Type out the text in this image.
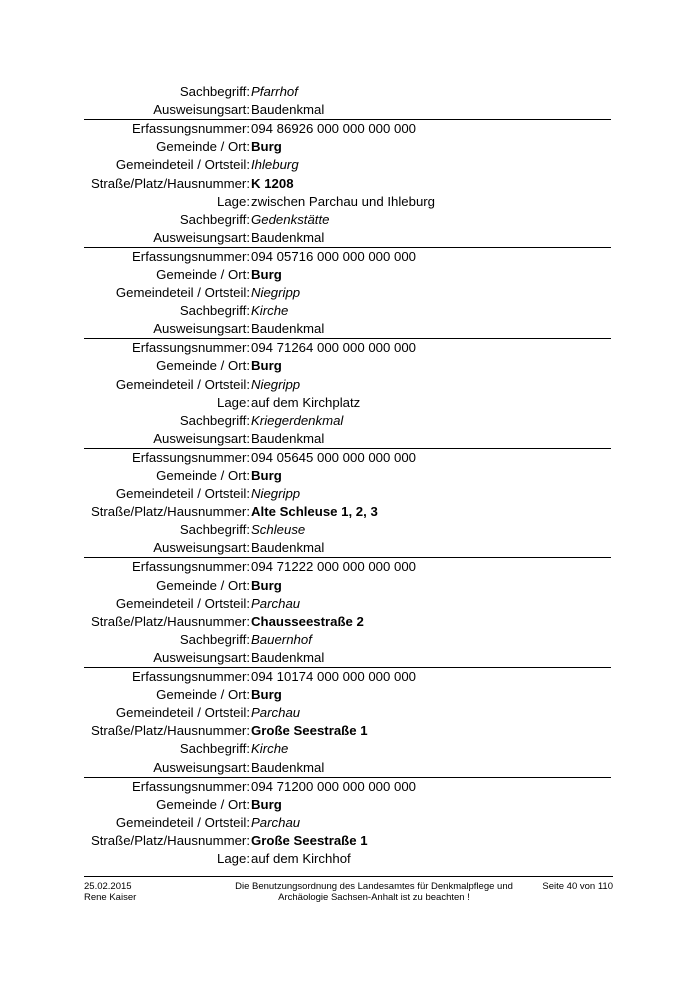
Sachbegriff: Pfarrhof
Ausweisungsart: Baudenkmal
Erfassungsnummer: 094 86926 000 000 000 000
Gemeinde / Ort: Burg
Gemeindeteil / Ortsteil: Ihleburg
Straße/Platz/Hausnummer: K 1208
Lage: zwischen Parchau und Ihleburg
Sachbegriff: Gedenkstätte
Ausweisungsart: Baudenkmal
Erfassungsnummer: 094 05716 000 000 000 000
Gemeinde / Ort: Burg
Gemeindeteil / Ortsteil: Niegripp
Sachbegriff: Kirche
Ausweisungsart: Baudenkmal
Erfassungsnummer: 094 71264 000 000 000 000
Gemeinde / Ort: Burg
Gemeindeteil / Ortsteil: Niegripp
Lage: auf dem Kirchplatz
Sachbegriff: Kriegerdenkmal
Ausweisungsart: Baudenkmal
Erfassungsnummer: 094 05645 000 000 000 000
Gemeinde / Ort: Burg
Gemeindeteil / Ortsteil: Niegripp
Straße/Platz/Hausnummer: Alte Schleuse 1, 2, 3
Sachbegriff: Schleuse
Ausweisungsart: Baudenkmal
Erfassungsnummer: 094 71222 000 000 000 000
Gemeinde / Ort: Burg
Gemeindeteil / Ortsteil: Parchau
Straße/Platz/Hausnummer: Chausseestraße 2
Sachbegriff: Bauernhof
Ausweisungsart: Baudenkmal
Erfassungsnummer: 094 10174 000 000 000 000
Gemeinde / Ort: Burg
Gemeindeteil / Ortsteil: Parchau
Straße/Platz/Hausnummer: Große Seestraße 1
Sachbegriff: Kirche
Ausweisungsart: Baudenkmal
Erfassungsnummer: 094 71200 000 000 000 000
Gemeinde / Ort: Burg
Gemeindeteil / Ortsteil: Parchau
Straße/Platz/Hausnummer: Große Seestraße 1
Lage: auf dem Kirchhof
25.02.2015
Rene Kaiser
Die Benutzungsordnung des Landesamtes für Denkmalpflege und
Archäologie Sachsen-Anhalt ist zu beachten !
Seite 40 von 110
